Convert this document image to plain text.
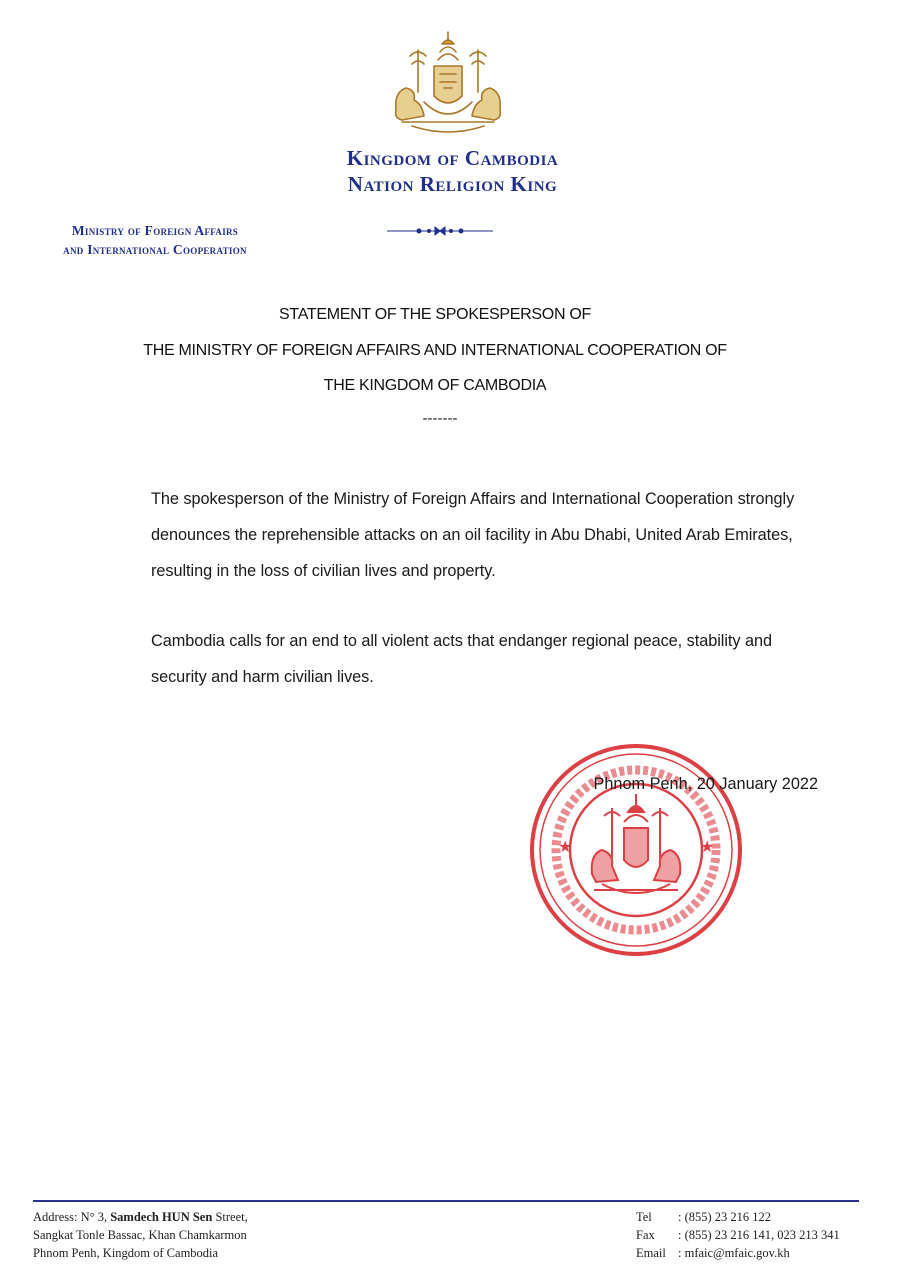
Kingdom of Cambodia
Nation Religion King
Ministry of Foreign Affairs
and International Cooperation
STATEMENT OF THE SPOKESPERSON OF
THE MINISTRY OF FOREIGN AFFAIRS AND INTERNATIONAL COOPERATION OF
THE KINGDOM OF CAMBODIA
-------
The spokesperson of the Ministry of Foreign Affairs and International Cooperation strongly denounces the reprehensible attacks on an oil facility in Abu Dhabi, United Arab Emirates, resulting in the loss of civilian lives and property.
Cambodia calls for an end to all violent acts that endanger regional peace, stability and security and harm civilian lives.
★	★
Phnom Penh, 20 January 2022
Address: N° 3, Samdech HUN Sen Street,
Sangkat Tonle Bassac, Khan Chamkarmon
Phnom Penh, Kingdom of Cambodia
Tel	: (855) 23 216 122
Fax	: (855) 23 216 141, 023 213 341
Email : mfaic@mfaic.gov.kh
